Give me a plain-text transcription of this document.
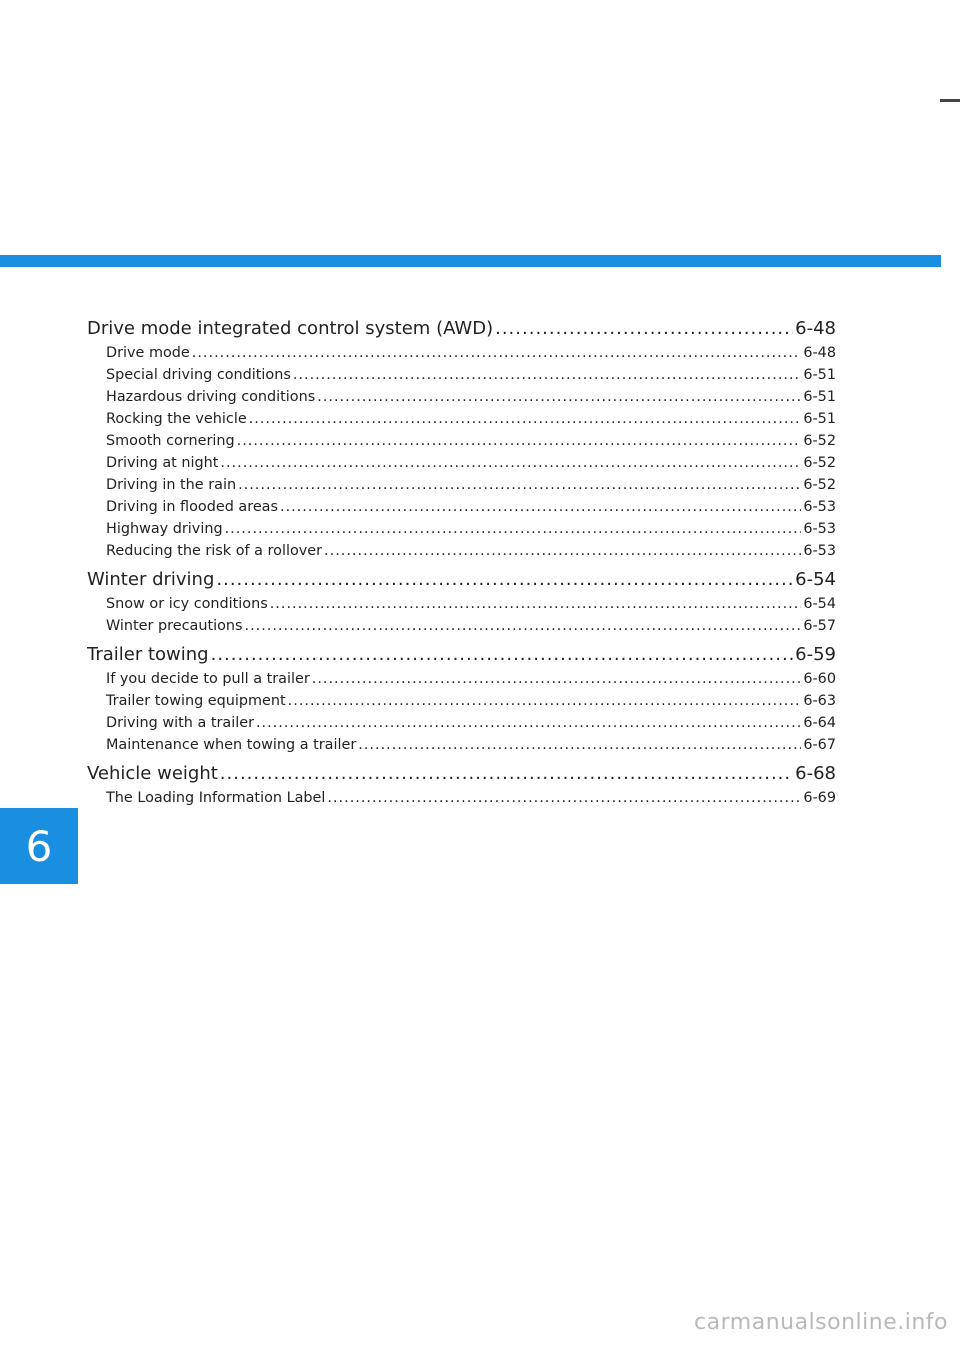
Drive mode integrated control system (AWD) .....	6-48
Drive mode .....	6-48
Special driving conditions .....	6-51
Hazardous driving conditions .....	6-51
Rocking the vehicle .....	6-51
Smooth cornering .....	6-52
Driving at night .....	6-52
Driving in the rain .....	6-52
Driving in flooded areas .....	6-53
Highway driving .....	6-53
Reducing the risk of a rollover .....	6-53
Winter driving .....	6-54
Snow or icy conditions .....	6-54
Winter precautions .....	6-57
Trailer towing .....	6-59
If you decide to pull a trailer .....	6-60
Trailer towing equipment .....	6-63
Driving with a trailer .....	6-64
Maintenance when towing a trailer .....	6-67
Vehicle weight .....	6-68
The Loading Information Label .....	6-69
6
carmanualsonline.info
